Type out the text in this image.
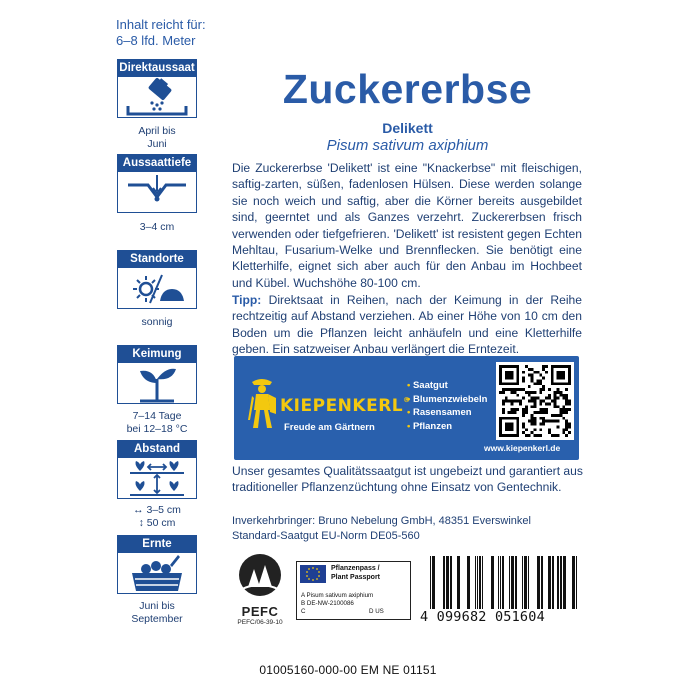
Inhalt reicht für:
6–8 lfd. Meter
Direktaussaat
April bis
Juni
Aussaattiefe
3–4 cm
Standorte
sonnig
Keimung
7–14 Tage
bei 12–18 °C
Abstand
↔ 3–5 cm
↕ 50 cm
Ernte
Juni bis
September
Zuckererbse
Delikett
Pisum sativum axiphium
Die Zuckererbse 'Delikett' ist eine "Knackerbse" mit fleischigen, saftig-zarten, süßen, fadenlosen Hülsen. Diese werden solange sie noch weich und saftig, aber die Körner bereits ausgebildet sind, geerntet und als Ganzes verzehrt. Zuckererbsen frisch verwenden oder tiefgefrieren. 'Delikett' ist resistent gegen Echten Mehltau, Fusarium-Welke und Brennflecken. Sie benötigt eine Kletterhilfe, eignet sich aber auch für den Anbau im Hochbeet und Kübel. Wuchshöhe 80-100 cm.
Tipp: Direktsaat in Reihen, nach der Keimung in der Reihe rechtzeitig auf Abstand verziehen. Ab einer Höhe von 10 cm den Boden um die Pflanzen leicht anhäufeln und eine Kletterhilfe geben. Ein satzweiser Anbau verlängert die Erntezeit.
KIEPENKERL®
Freude am Gärtnern
• Saatgut
• Blumenzwiebeln
• Rasensamen
• Pflanzen
www.kiepenkerl.de
Unser gesamtes Qualitätssaatgut ist ungebeizt und garantiert aus traditioneller Pflanzenzüchtung ohne Einsatz von Gentechnik.
Inverkehrbringer: Bruno Nebelung GmbH, 48351 Everswinkel
Standard-Saatgut EU-Norm DE05-560
PEFC
PEFC/06-39-10
Pflanzenpass /
Plant Passport
A Pisum sativum axiphium
B DE-NW-2100086
C	D US	4 099682 051604
01005160-000-00 EM NE 01151
